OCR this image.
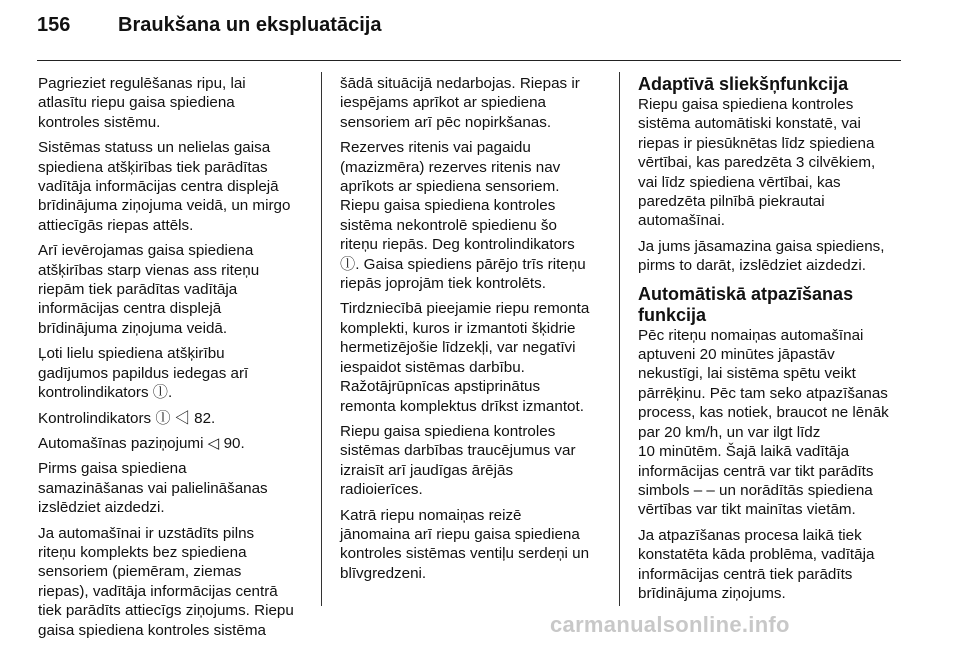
156 Braukšana un ekspluatācija

Pagrieziet regulēšanas ripu, lai
atlasītu riepu gaisa spiediena
kontroles sistēmu.

Sistēmas statuss un nelielas gaisa
spiediena atšķirības tiek parādītas
vadītāja informācijas centra displejā
brīdinājuma ziņojuma veidā, un mirgo
attiecīgās riepas attēls.

Arī ievērojamas gaisa spiediena
atšķirības starp vienas ass riteņu
riepām tiek parādītas vadītāja
informācijas centra displejā
brīdinājuma ziņojuma veidā.

Ļoti lielu spiediena atšķirību
gadījumos papildus iedegas arī
kontrolindikators ⓛ.

Kontrolindikators ⓛ ◁ 82.

Automašīnas paziņojumi ◁ 90.

Pirms gaisa spiediena
samazināšanas vai palielināšanas
izslēdziet aizdedzi.

Ja automašīnai ir uzstādīts pilns
riteņu komplekts bez spiediena
sensoriem (piemēram, ziemas
riepas), vadītāja informācijas centrā
tiek parādīts attiecīgs ziņojums. Riepu
gaisa spiediena kontroles sistēma

šādā situācijā nedarbojas. Riepas ir
iespējams aprīkot ar spiediena
sensoriem arī pēc nopirkšanas.

Rezerves ritenis vai pagaidu
(mazizmēra) rezerves ritenis nav
aprīkots ar spiediena sensoriem.
Riepu gaisa spiediena kontroles
sistēma nekontrolē spiedienu šo
riteņu riepās. Deg kontrolindikators
ⓛ. Gaisa spiediens pārējo trīs riteņu
riepās joprojām tiek kontrolēts.

Tirdzniecībā pieejamie riepu remonta
komplekti, kuros ir izmantoti šķidrie
hermetizējošie līdzekļi, var negatīvi
iespaidot sistēmas darbību.
Ražotājrūpnīcas apstiprinātus
remonta komplektus drīkst izmantot.

Riepu gaisa spiediena kontroles
sistēmas darbības traucējumus var
izraisīt arī jaudīgas ārējās
radioierīces.

Katrā riepu nomaiņas reizē
jānomaina arī riepu gaisa spiediena
kontroles sistēmas ventiļu serdeņi un
blīvgredzeni.

Adaptīvā sliekšņfunkcija

Riepu gaisa spiediena kontroles
sistēma automātiski konstatē, vai
riepas ir piesūknētas līdz spiediena
vērtībai, kas paredzēta 3 cilvēkiem,
vai līdz spiediena vērtībai, kas
paredzēta pilnībā piekrautai
automašīnai.

Ja jums jāsamazina gaisa spiediens,
pirms to darāt, izslēdziet aizdedzi.

Automātiskā atpazīšanas
funkcija

Pēc riteņu nomaiņas automašīnai
aptuveni 20 minūtes jāpastāv
nekustīgi, lai sistēma spētu veikt
pārrēķinu. Pēc tam seko atpazīšanas
process, kas notiek, braucot ne lēnāk
par 20 km/h, un var ilgt līdz
10 minūtēm. Šajā laikā vadītāja
informācijas centrā var tikt parādīts
simbols ‒ ‒ un norādītās spiediena
vērtības var tikt mainītas vietām.

Ja atpazīšanas procesa laikā tiek
konstatēta kāda problēma, vadītāja
informācijas centrā tiek parādīts
brīdinājuma ziņojums.

carmanualsonline.info
